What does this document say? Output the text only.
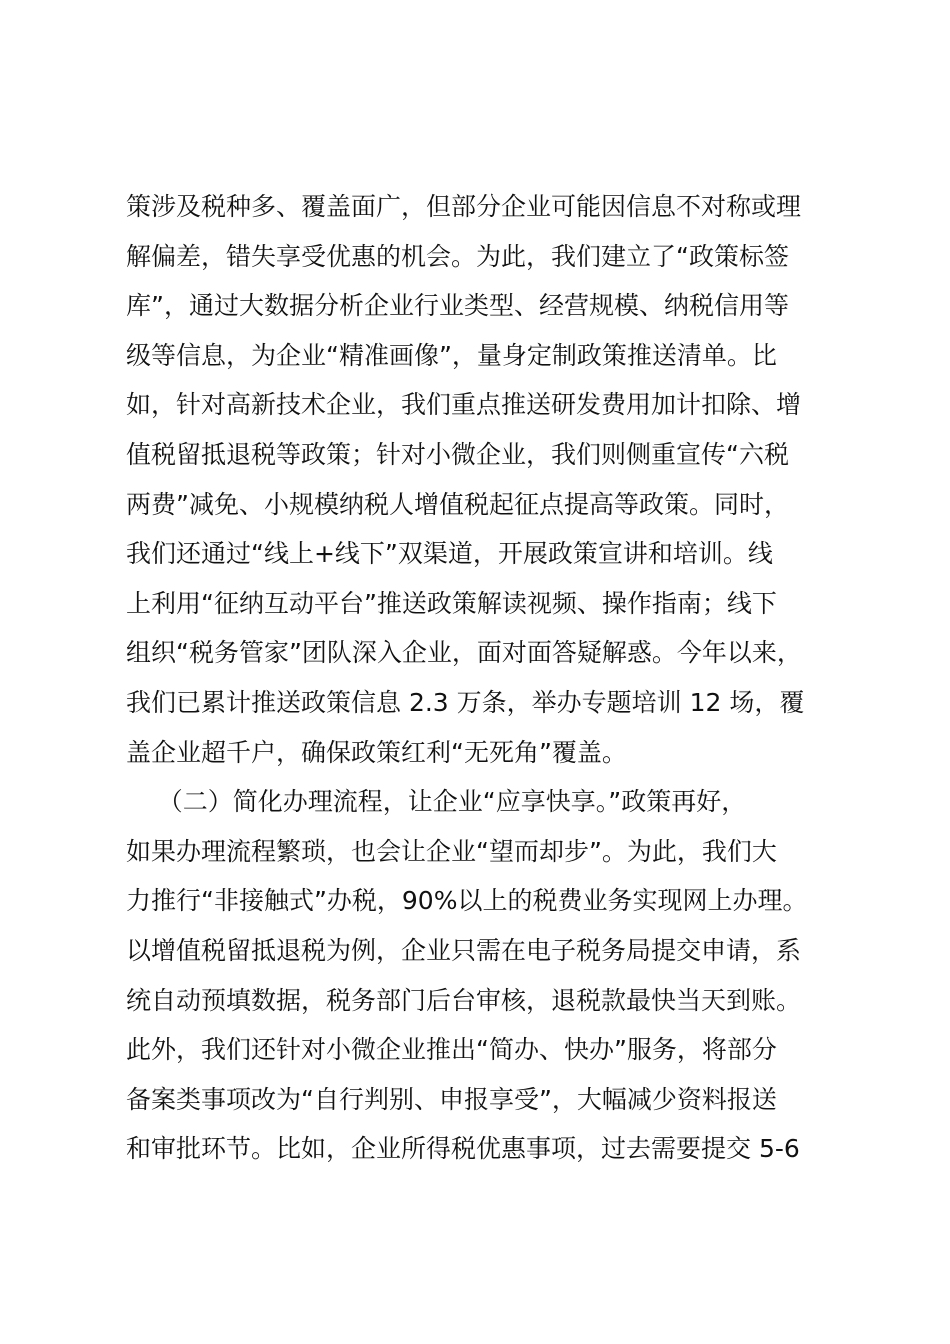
策涉及税种多、覆盖面广，但部分企业可能因信息不对称或理
解偏差，错失享受优惠的机会。为此，我们建立了“政策标签
库”，通过大数据分析企业行业类型、经营规模、纳税信用等
级等信息，为企业“精准画像”，量身定制政策推送清单。比
如，针对高新技术企业，我们重点推送研发费用加计扣除、增
值税留抵退税等政策；针对小微企业，我们则侧重宣传“六税
两费”减免、小规模纳税人增值税起征点提高等政策。同时，
我们还通过“线上+线下”双渠道，开展政策宣讲和培训。线
上利用“征纳互动平台”推送政策解读视频、操作指南；线下
组织“税务管家”团队深入企业，面对面答疑解惑。今年以来，
我们已累计推送政策信息 2.3 万条，举办专题培训 12 场，覆
盖企业超千户，确保政策红利“无死角”覆盖。
（二）简化办理流程，让企业“应享快享。”政策再好，
如果办理流程繁琐，也会让企业“望而却步”。为此，我们大
力推行“非接触式”办税，90%以上的税费业务实现网上办理。
以增值税留抵退税为例，企业只需在电子税务局提交申请，系
统自动预填数据，税务部门后台审核，退税款最快当天到账。
此外，我们还针对小微企业推出“简办、快办”服务，将部分
备案类事项改为“自行判别、申报享受”，大幅减少资料报送
和审批环节。比如，企业所得税优惠事项，过去需要提交 5-6
